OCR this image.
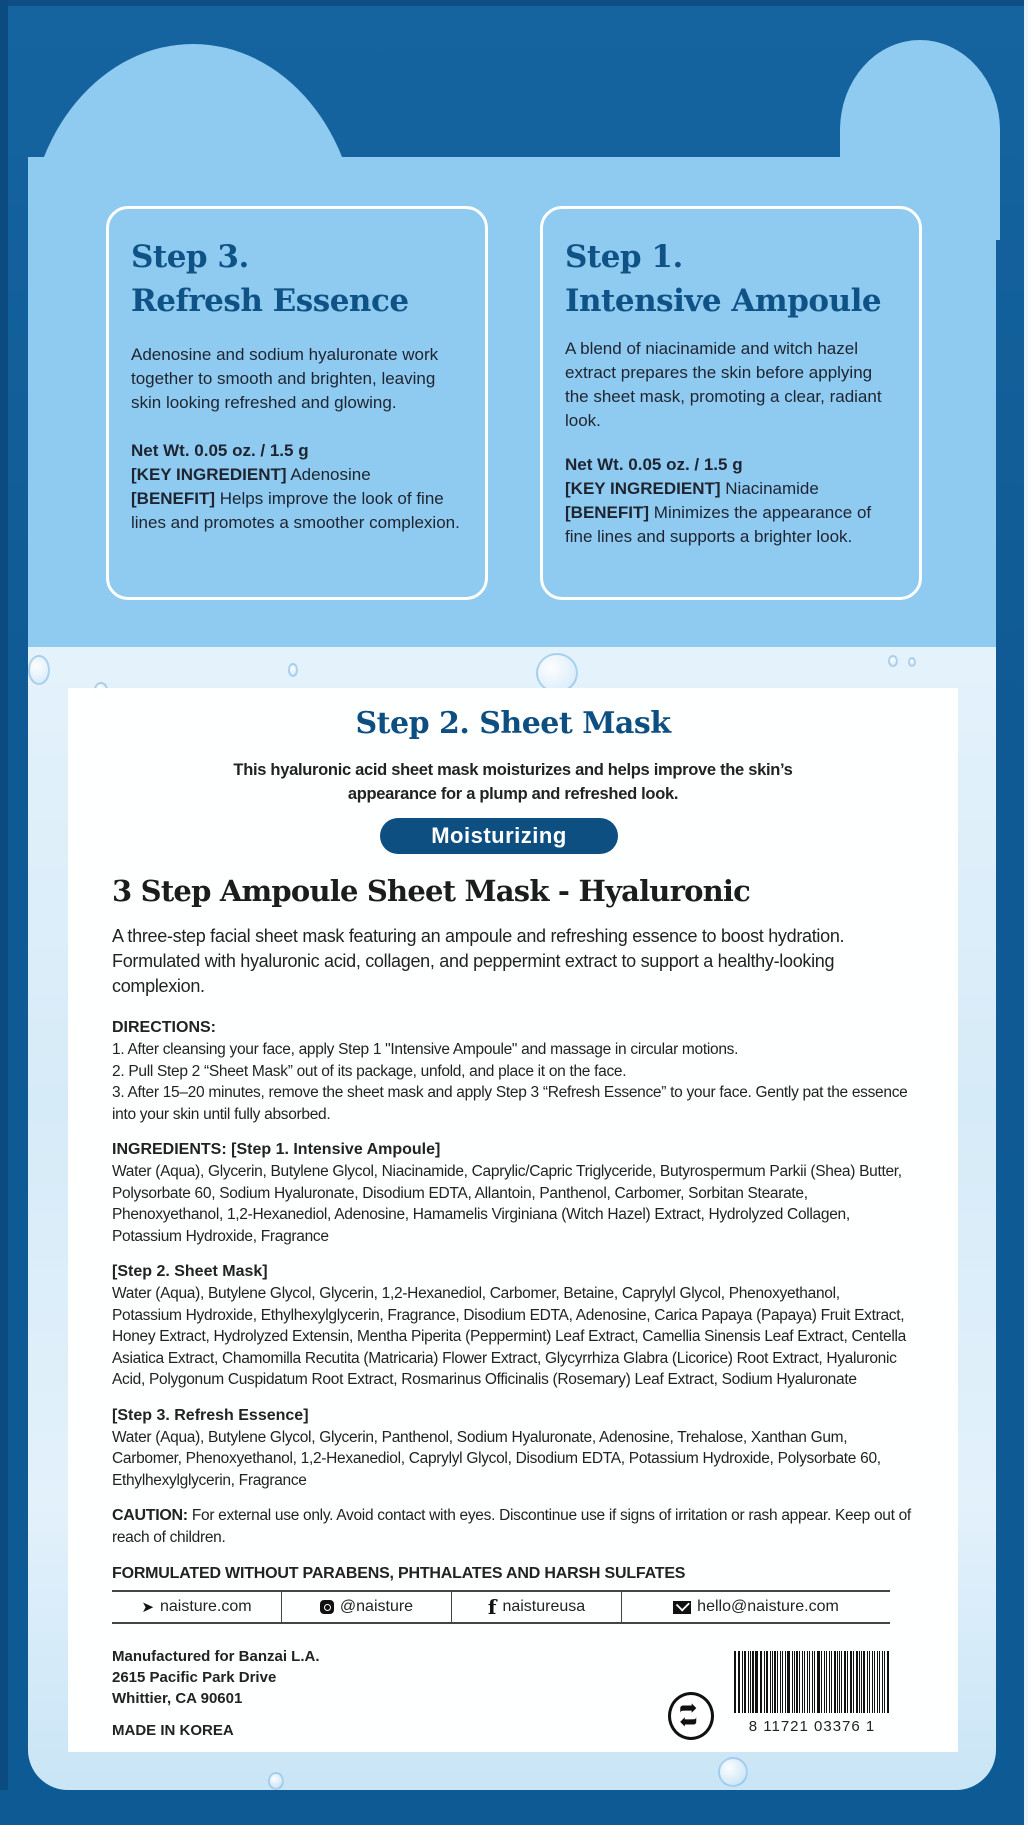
Step 3.
Refresh Essence
Adenosine and sodium hyaluronate work together to smooth and brighten, leaving skin looking refreshed and glowing.
Net Wt. 0.05 oz. / 1.5 g
[KEY INGREDIENT] Adenosine
[BENEFIT] Helps improve the look of fine lines and promotes a smoother complexion.
Step 1.
Intensive Ampoule
A blend of niacinamide and witch hazel extract prepares the skin before applying the sheet mask, promoting a clear, radiant look.
Net Wt. 0.05 oz. / 1.5 g
[KEY INGREDIENT] Niacinamide
[BENEFIT] Minimizes the appearance of fine lines and supports a brighter look.
Step 2. Sheet Mask
This hyaluronic acid sheet mask moisturizes and helps improve the skin’s
appearance for a plump and refreshed look.
Moisturizing
3 Step Ampoule Sheet Mask - Hyaluronic
A three-step facial sheet mask featuring an ampoule and refreshing essence to boost hydration. Formulated with hyaluronic acid, collagen, and peppermint extract to support a healthy-looking complexion.
DIRECTIONS:
1. After cleansing your face, apply Step 1 "Intensive Ampoule" and massage in circular motions.
2. Pull Step 2 “Sheet Mask” out of its package, unfold, and place it on the face.
3. After 15–20 minutes, remove the sheet mask and apply Step 3 “Refresh Essence” to your face. Gently pat the essence into your skin until fully absorbed.
INGREDIENTS: [Step 1. Intensive Ampoule]
Water (Aqua), Glycerin, Butylene Glycol, Niacinamide, Caprylic/Capric Triglyceride, Butyrospermum Parkii (Shea) Butter, Polysorbate 60, Sodium Hyaluronate, Disodium EDTA, Allantoin, Panthenol, Carbomer, Sorbitan Stearate, Phenoxyethanol, 1,2-Hexanediol, Adenosine, Hamamelis Virginiana (Witch Hazel) Extract, Hydrolyzed Collagen, Potassium Hydroxide, Fragrance
[Step 2. Sheet Mask]
Water (Aqua), Butylene Glycol, Glycerin, 1,2-Hexanediol, Carbomer, Betaine, Caprylyl Glycol, Phenoxyethanol, Potassium Hydroxide, Ethylhexylglycerin, Fragrance, Disodium EDTA, Adenosine, Carica Papaya (Papaya) Fruit Extract, Honey Extract, Hydrolyzed Extensin, Mentha Piperita (Peppermint) Leaf Extract, Camellia Sinensis Leaf Extract, Centella Asiatica Extract, Chamomilla Recutita (Matricaria) Flower Extract, Glycyrrhiza Glabra (Licorice) Root Extract, Hyaluronic Acid, Polygonum Cuspidatum Root Extract, Rosmarinus Officinalis (Rosemary) Leaf Extract, Sodium Hyaluronate
[Step 3. Refresh Essence]
Water (Aqua), Butylene Glycol, Glycerin, Panthenol, Sodium Hyaluronate, Adenosine, Trehalose, Xanthan Gum, Carbomer, Phenoxyethanol, 1,2-Hexanediol, Caprylyl Glycol, Disodium EDTA, Potassium Hydroxide, Polysorbate 60, Ethylhexylglycerin, Fragrance
CAUTION: For external use only. Avoid contact with eyes. Discontinue use if signs of irritation or rash appear. Keep out of reach of children.
FORMULATED WITHOUT PARABENS, PHTHALATES AND HARSH SULFATES
➤ naisture.com	@naisture	f naistureusa	hello@naisture.com
Manufactured for Banzai L.A.
2615 Pacific Park Drive
Whittier, CA 90601
MADE IN KOREA ➦ ➦	8 11721 03376 1
